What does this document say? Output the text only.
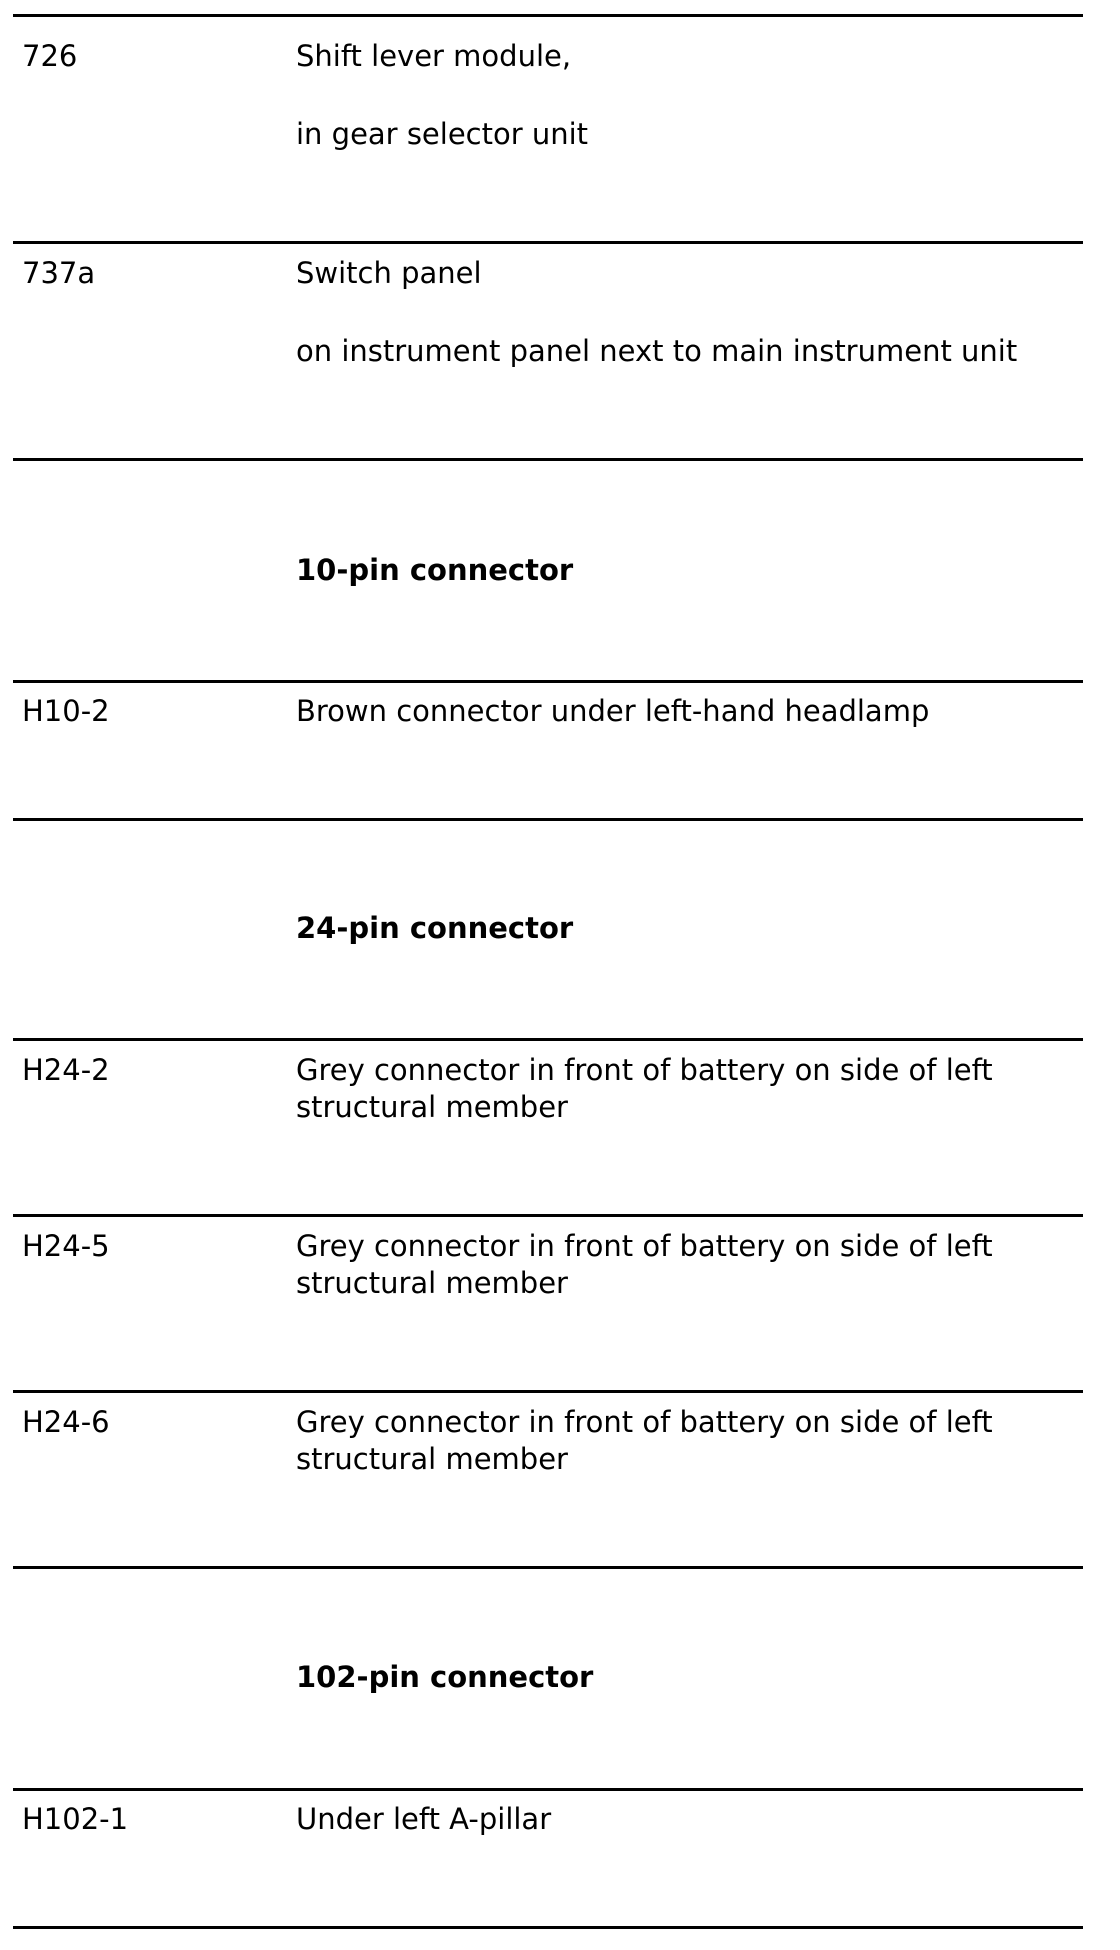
726	Shift lever module,
in gear selector unit
737a	Switch panel
on instrument panel next to main instrument unit
10-pin connector
H10-2	Brown connector under left-hand headlamp
24-pin connector
H24-2	Grey connector in front of battery on side of left structural member
H24-5	Grey connector in front of battery on side of left structural member
H24-6	Grey connector in front of battery on side of left structural member
102-pin connector
H102-1	Under left A-pillar
